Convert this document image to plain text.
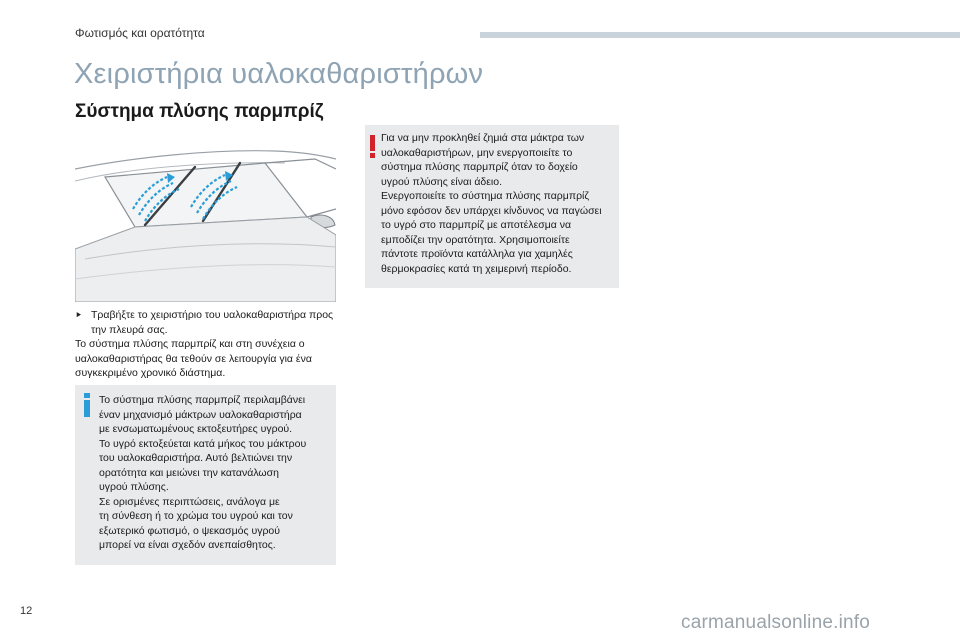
Φωτισμός και ορατότητα
Χειριστήρια υαλοκαθαριστήρων
Σύστημα πλύσης παρμπρίζ
⯈ Τραβήξτε το χειριστήριο του υαλοκαθαριστήρα προς την πλευρά σας.
Το σύστημα πλύσης παρμπρίζ και στη συνέχεια ο υαλοκαθαριστήρας θα τεθούν σε λειτουργία για ένα συγκεκριμένο χρονικό διάστημα.
Το σύστημα πλύσης παρμπρίζ περιλαμβάνει
έναν μηχανισμό μάκτρων υαλοκαθαριστήρα
με ενσωματωμένους εκτοξευτήρες υγρού.
Το υγρό εκτοξεύεται κατά μήκος του μάκτρου
του υαλοκαθαριστήρα. Αυτό βελτιώνει την
ορατότητα και μειώνει την κατανάλωση
υγρού πλύσης.
Σε ορισμένες περιπτώσεις, ανάλογα με
τη σύνθεση ή το χρώμα του υγρού και τον
εξωτερικό φωτισμό, ο ψεκασμός υγρού
μπορεί να είναι σχεδόν ανεπαίσθητος.
Για να μην προκληθεί ζημιά στα μάκτρα των
υαλοκαθαριστήρων, μην ενεργοποιείτε το
σύστημα πλύσης παρμπρίζ όταν το δοχείο
υγρού πλύσης είναι άδειο.
Ενεργοποιείτε το σύστημα πλύσης παρμπρίζ
μόνο εφόσον δεν υπάρχει κίνδυνος να παγώσει
το υγρό στο παρμπρίζ με αποτέλεσμα να
εμποδίζει την ορατότητα. Χρησιμοποιείτε
πάντοτε προϊόντα κατάλληλα για χαμηλές
θερμοκρασίες κατά τη χειμερινή περίοδο.
12
carmanualsonline.info
